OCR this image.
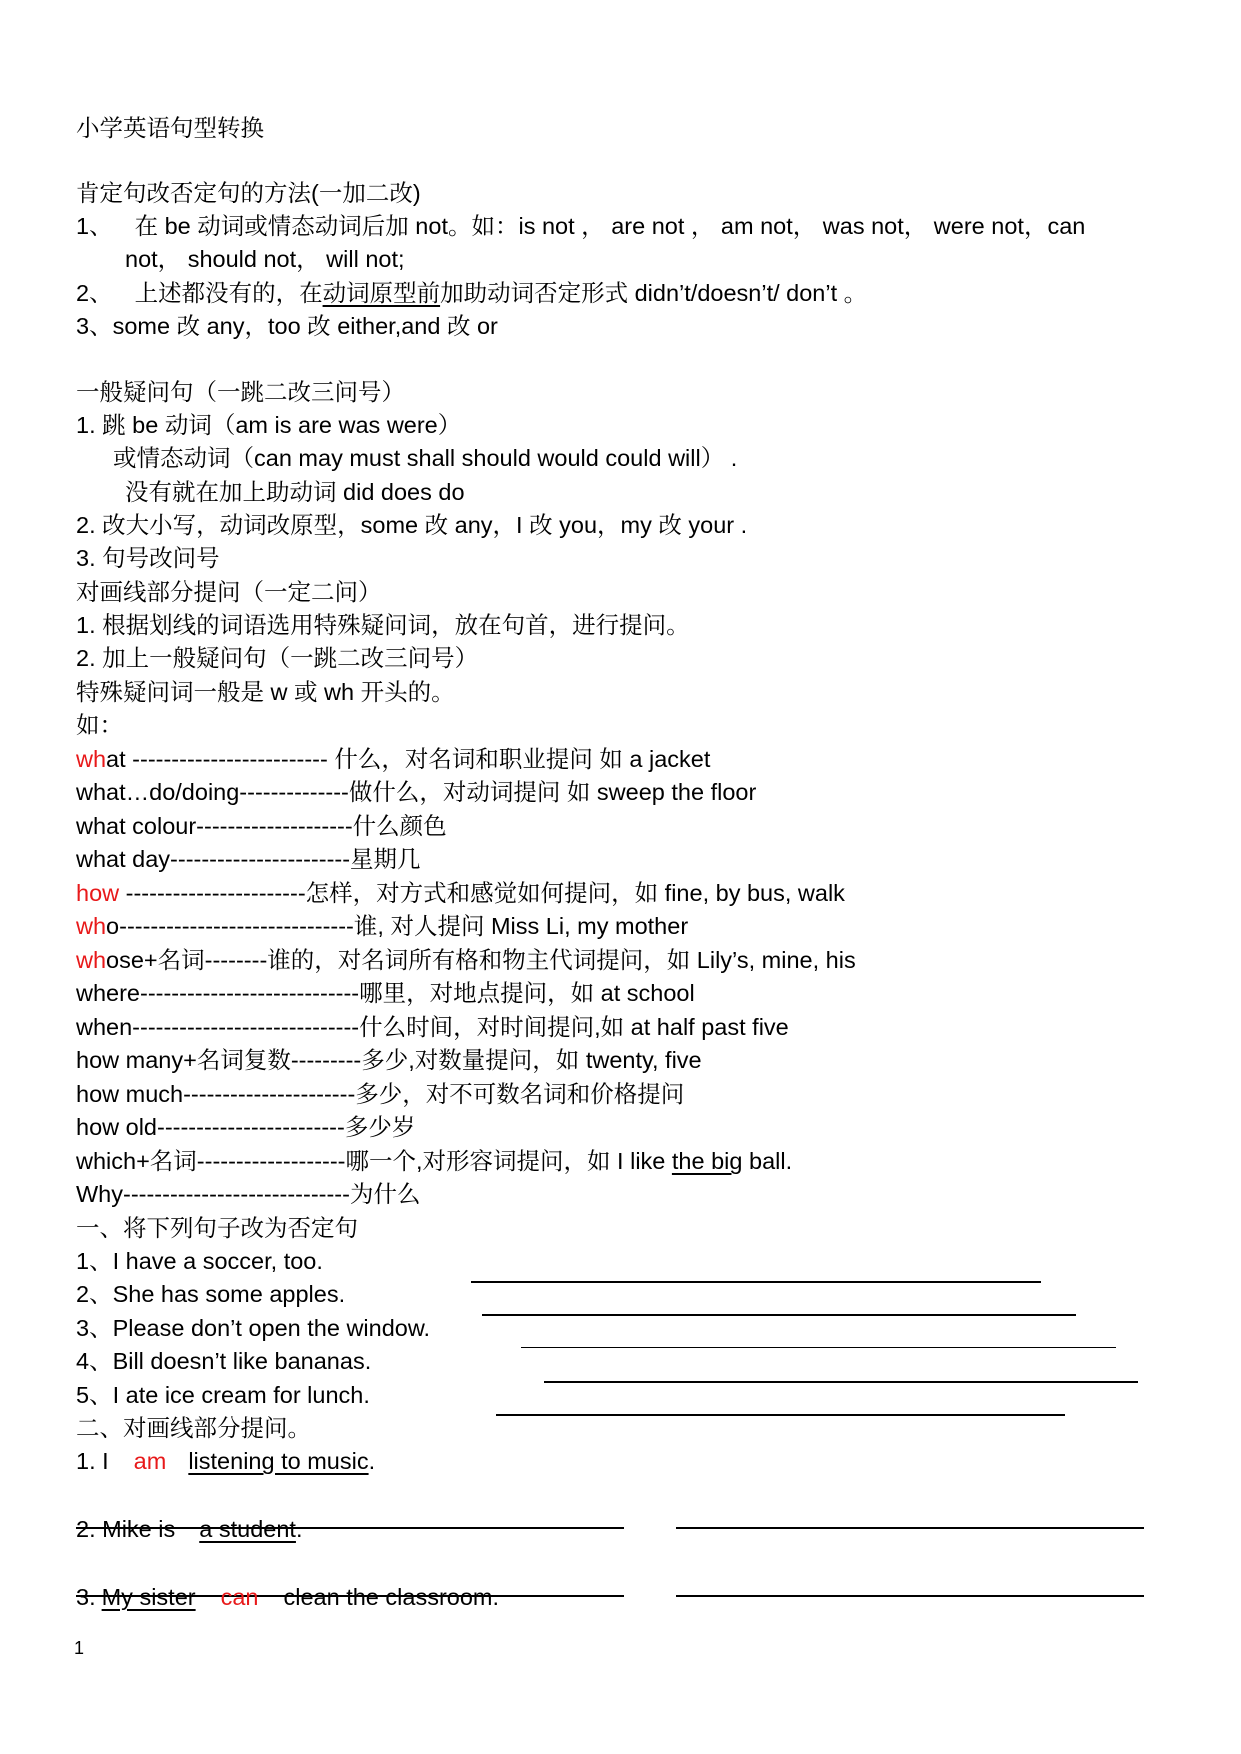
小学英语句型转换
肯定句改否定句的方法(一加二改)
1、 在 be 动词或情态动词后加 not。如：is not ， are not ， am not， was not， were not，can
not， should not， will not;
2、 上述都没有的，在动词原型前加助动词否定形式 didn’t/doesn’t/ don’t 。
3、some 改 any，too 改 either,and 改 or
一般疑问句（一跳二改三问号）
1. 跳 be 动词（am is are was were）
或情态动词（can may must shall should would could will） .
没有就在加上助动词 did does do
2. 改大小写，动词改原型，some 改 any，I 改 you，my 改 your .
3. 句号改问号
对画线部分提问（一定二问）
1. 根据划线的词语选用特殊疑问词，放在句首，进行提问。
2. 加上一般疑问句（一跳二改三问号）
特殊疑问词一般是 w 或 wh 开头的。
如：
what ------------------------- 什么，对名词和职业提问 如 a jacket
what…do/doing--------------做什么，对动词提问 如 sweep the floor
what colour--------------------什么颜色
what day-----------------------星期几
how -----------------------怎样，对方式和感觉如何提问，如 fine, by bus, walk
who------------------------------谁, 对人提问 Miss Li, my mother
whose+名词--------谁的，对名词所有格和物主代词提问，如 Lily’s, mine, his
where----------------------------哪里，对地点提问，如 at school
when-----------------------------什么时间，对时间提问,如 at half past five
how many+名词复数---------多少,对数量提问，如 twenty, five
how much----------------------多少，对不可数名词和价格提问
how old------------------------多少岁
which+名词-------------------哪一个,对形容词提问，如 I like the big ball.
Why-----------------------------为什么
一、将下列句子改为否定句
1、I have a soccer, too.
2、She has some apples.
3、Please don’t open the window.
4、Bill doesn’t like bananas.
5、I ate ice cream for lunch.
二、对画线部分提问。
1. I am listening to music.
2. Mike is a student.
3. My sister can clean the classroom.
1
